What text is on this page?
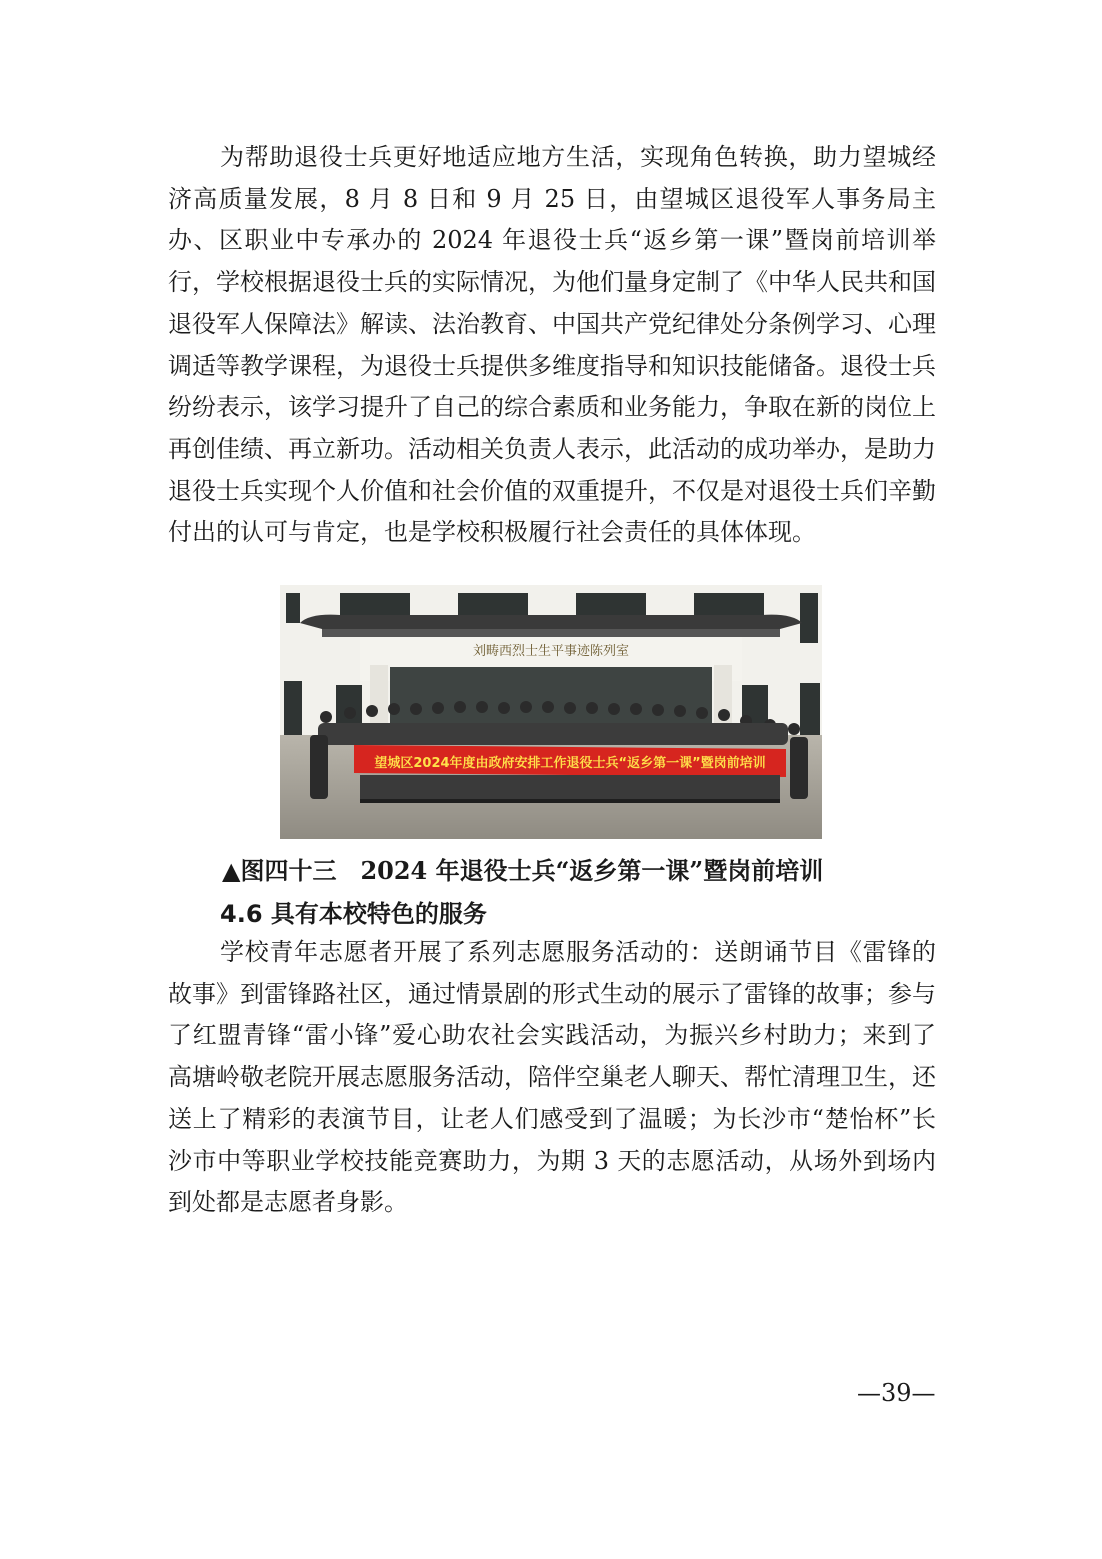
为帮助退役士兵更好地适应地方生活，实现角色转换，助力望城经济高质量发展，8 月 8 日和 9 月 25 日，由望城区退役军人事务局主办、区职业中专承办的 2024 年退役士兵“返乡第一课”暨岗前培训举行，学校根据退役士兵的实际情况，为他们量身定制了《中华人民共和国退役军人保障法》解读、法治教育、中国共产党纪律处分条例学习、心理调适等教学课程，为退役士兵提供多维度指导和知识技能储备。退役士兵纷纷表示，该学习提升了自己的综合素质和业务能力，争取在新的岗位上再创佳绩、再立新功。活动相关负责人表示，此活动的成功举办，是助力退役士兵实现个人价值和社会价值的双重提升，不仅是对退役士兵们辛勤付出的认可与肯定，也是学校积极履行社会责任的具体体现。

刘畴西烈士生平事迹陈列室
望城区2024年度由政府安排工作退役士兵“返乡第一课”暨岗前培训

▲图四十三　2024 年退役士兵“返乡第一课”暨岗前培训

4.6 具有本校特色的服务

学校青年志愿者开展了系列志愿服务活动的：送朗诵节目《雷锋的故事》到雷锋路社区，通过情景剧的形式生动的展示了雷锋的故事；参与了红盟青锋“雷小锋”爱心助农社会实践活动，为振兴乡村助力；来到了高塘岭敬老院开展志愿服务活动，陪伴空巢老人聊天、帮忙清理卫生，还送上了精彩的表演节目，让老人们感受到了温暖；为长沙市“楚怡杯”长沙市中等职业学校技能竞赛助力，为期 3 天的志愿活动，从场外到场内到处都是志愿者身影。

—39—
